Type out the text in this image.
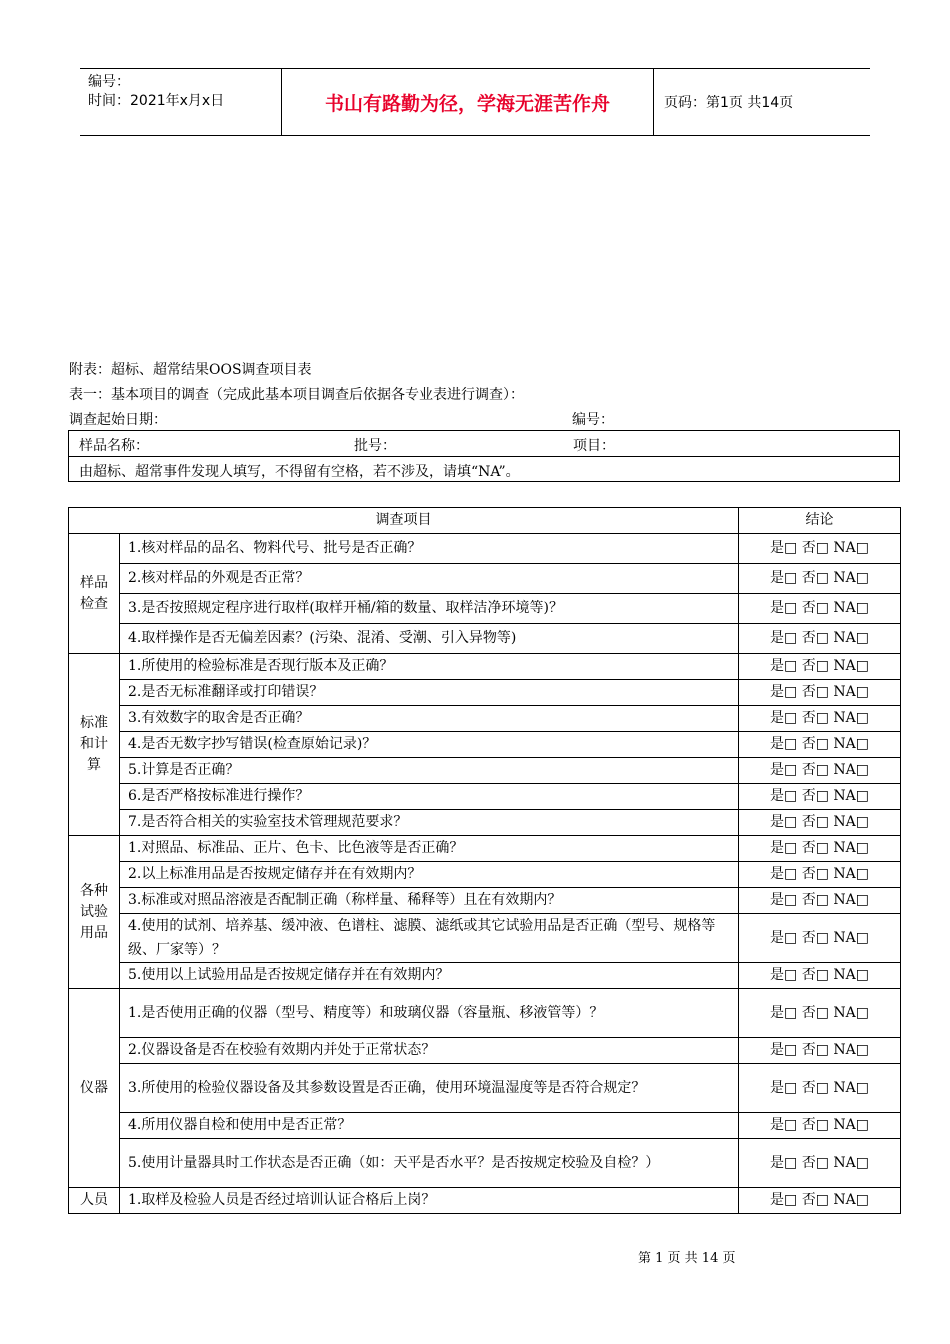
编号：
时间：2021年x月x日	书山有路勤为径，学海无涯苦作舟	页码：第1页 共14页
附表：超标、超常结果OOS调查项目表
表一：基本项目的调查（完成此基本项目调查后依据各专业表进行调查）：
调查起始日期：	编号：
样品名称：	批号：	项目：
由超标、超常事件发现人填写，不得留有空格，若不涉及，请填“NA”。
调查项目		结论
样品检查	1.核对样品的品名、物料代号、批号是否正确？	是□ 否□ NA□
	2.核对样品的外观是否正常？	是□ 否□ NA□
	3.是否按照规定程序进行取样(取样开桶/箱的数量、取样洁净环境等)？	是□ 否□ NA□
	4.取样操作是否无偏差因素？(污染、混淆、受潮、引入异物等)	是□ 否□ NA□
标准和计算	1.所使用的检验标准是否现行版本及正确？	是□ 否□ NA□
	2.是否无标准翻译或打印错误？	是□ 否□ NA□
	3.有效数字的取舍是否正确？	是□ 否□ NA□
	4.是否无数字抄写错误(检查原始记录)？	是□ 否□ NA□
	5.计算是否正确？	是□ 否□ NA□
	6.是否严格按标准进行操作？	是□ 否□ NA□
	7.是否符合相关的实验室技术管理规范要求？	是□ 否□ NA□
各种试验用品	1.对照品、标准品、正片、色卡、比色液等是否正确？	是□ 否□ NA□
	2.以上标准用品是否按规定储存并在有效期内？	是□ 否□ NA□
	3.标准或对照品溶液是否配制正确（称样量、稀释等）且在有效期内？	是□ 否□ NA□
	4.使用的试剂、培养基、缓冲液、色谱柱、滤膜、滤纸或其它试验用品是否正确（型号、规格等级、厂家等）？	是□ 否□ NA□
	5.使用以上试验用品是否按规定储存并在有效期内？	是□ 否□ NA□
仪器	1.是否使用正确的仪器（型号、精度等）和玻璃仪器（容量瓶、移液管等）？	是□ 否□ NA□
	2.仪器设备是否在校验有效期内并处于正常状态？	是□ 否□ NA□
	3.所使用的检验仪器设备及其参数设置是否正确，使用环境温湿度等是否符合规定？	是□ 否□ NA□
	4.所用仪器自检和使用中是否正常？	是□ 否□ NA□
	5.使用计量器具时工作状态是否正确（如：天平是否水平？是否按规定校验及自检？）	是□ 否□ NA□
人员	1.取样及检验人员是否经过培训认证合格后上岗？	是□ 否□ NA□
第 1 页 共 14 页
